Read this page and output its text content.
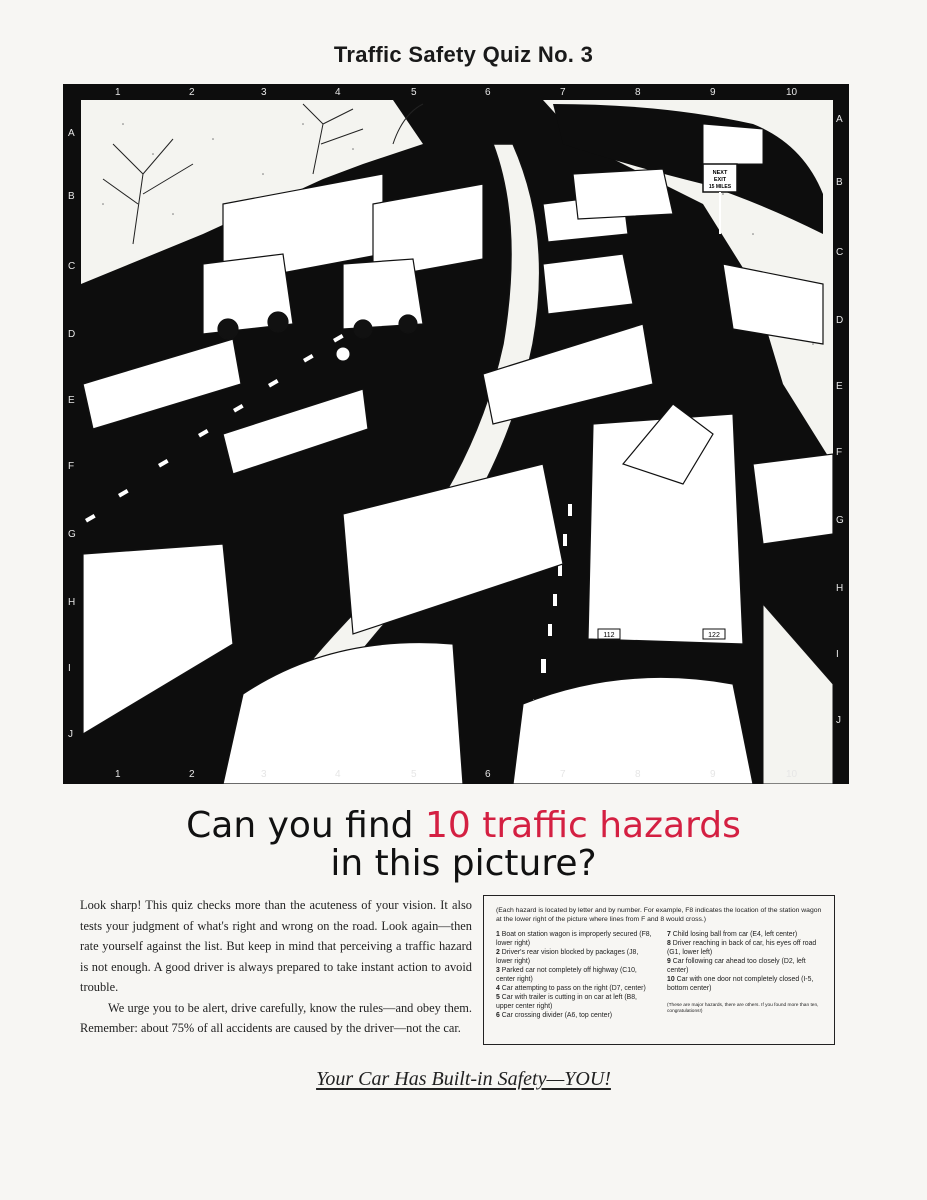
Traffic Safety Quiz No. 3
NEXT
EXIT
15 MILES
112	122
1	2	3	4	5	6	7	8	9	10
1	2	3	4	5	6	7	8	9	10
A
B
C
D
E
F
G
H
I
J
A
B
C
D
E
F
G
H
I
J
Can you find 10 traffic hazards
in this picture?

Look sharp! This quiz checks more than the acuteness of your vision. It also tests your judgment of what's right and wrong on the road. Look again—then rate yourself against the list. But keep in mind that perceiving a traffic hazard is not enough. A good driver is always prepared to take instant action to avoid trouble.

We urge you to be alert, drive carefully, know the rules—and obey them. Remember: about 75% of all accidents are caused by the driver—not the car.

(Each hazard is located by letter and by number. For example, F8 indicates the location of the station wagon at the lower right of the picture where lines from F and 8 would cross.)

1 Boat on station wagon is improperly secured (F8, lower right)

2 Driver's rear vision blocked by packages (J8, lower right)

3 Parked car not completely off highway (C10, center right)

4 Car attempting to pass on the right (D7, center)

5 Car with trailer is cutting in on car at left (B8, upper center right)

6 Car crossing divider (A6, top center)

7 Child losing ball from car (E4, left center)

8 Driver reaching in back of car, his eyes off road (G1, lower left)

9 Car following car ahead too closely (D2, left center)

10 Car with one door not completely closed (I-5, bottom center)

(These are major hazards, there are others. If you found more than ten, congratulations!)

Your Car Has Built-in Safety—YOU!
